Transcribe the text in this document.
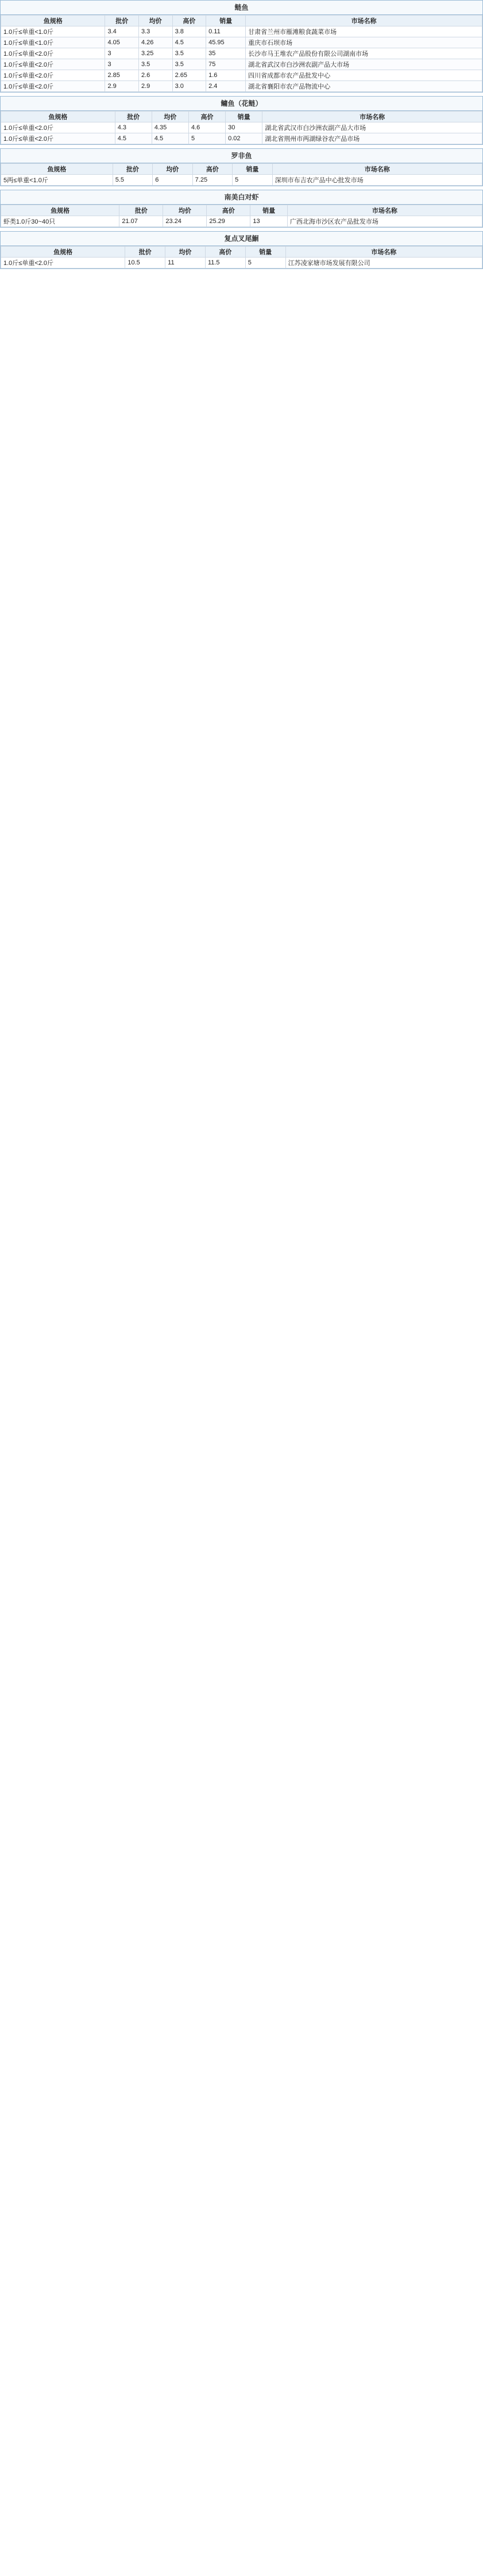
鲢鱼
鱼规格	批价	均价	高价	销量	市场名称
1.0斤≤单重<1.0斤	3.4	3.3	3.8	0.11	甘肃省兰州市雁滩粮食蔬菜市场
1.0斤≤单重<1.0斤	4.05	4.26	4.5	45.95	重庆市石坝市场
1.0斤≤单重<2.0斤	3	3.25	3.5	35	长沙市马王堆农产品股份有限公司湖南市场
1.0斤≤单重<2.0斤	3	3.5	3.5	75	湖北省武汉市白沙洲农副产品大市场
1.0斤≤单重<2.0斤	2.85	2.6	2.65	1.6	四川省成都市农产品批发中心
1.0斤≤单重<2.0斤	2.9	2.9	3.0	2.4	湖北省襄阳市农产品物流中心
鳙鱼（花鲢）
鱼规格	批价	均价	高价	销量	市场名称
1.0斤≤单重<2.0斤	4.3	4.35	4.6	30	湖北省武汉市白沙洲农副产品大市场
1.0斤≤单重<2.0斤	4.5	4.5	5	0.02	湖北省荆州市两湖绿谷农产品市场
罗非鱼
鱼规格	批价	均价	高价	销量	市场名称
5两≤单重<1.0斤	5.5	6	7.25	5	深圳市布吉农产品中心批发市场
南美白对虾
鱼规格	批价	均价	高价	销量	市场名称
虾类1.0斤30~40只	21.07	23.24	25.29	13	广西北海市沙区农产品批发市场
复点叉尾鮰
鱼规格	批价	均价	高价	销量	市场名称
1.0斤≤单重<2.0斤	10.5	11	11.5	5	江苏凌家塘市场发展有限公司
